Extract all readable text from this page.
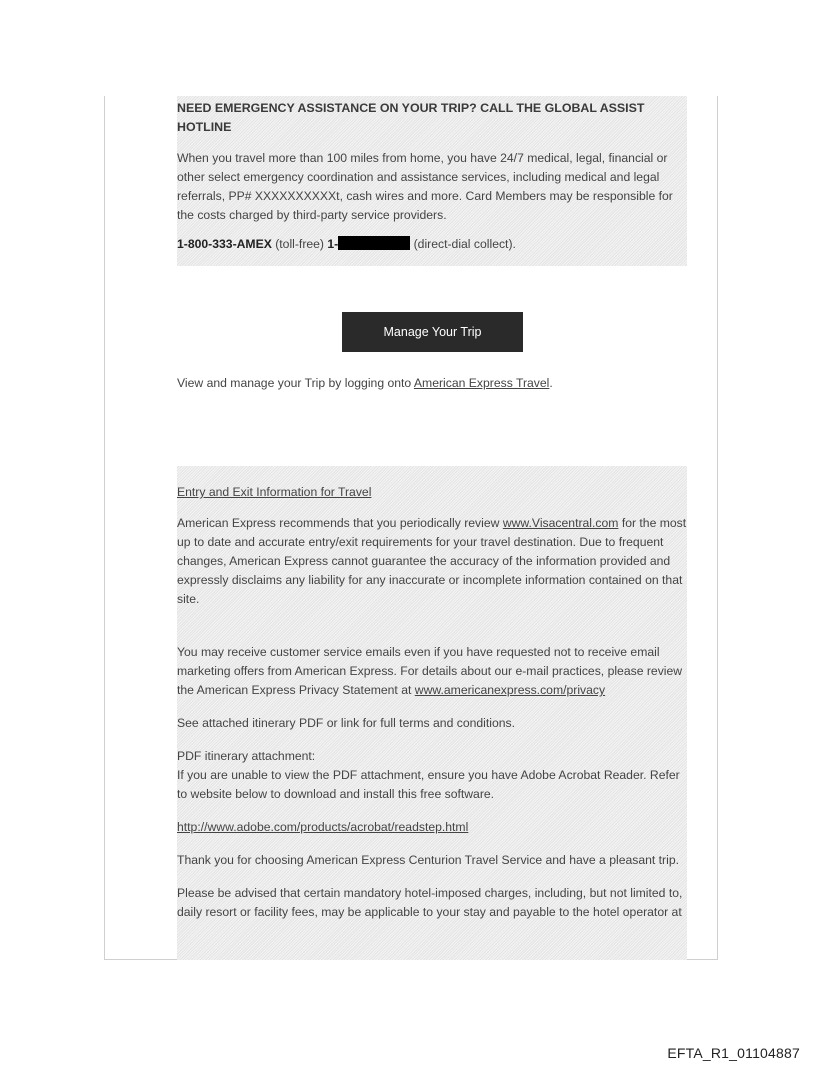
NEED EMERGENCY ASSISTANCE ON YOUR TRIP? CALL THE GLOBAL ASSIST HOTLINE

When you travel more than 100 miles from home, you have 24/7 medical, legal, financial or other select emergency coordination and assistance services, including medical and legal referrals, PP# XXXXXXXXXXt, cash wires and more. Card Members may be responsible for the costs charged by third-party service providers.

1-800-333-AMEX (toll-free) 1-	(direct-dial collect).

Manage Your Trip
View and manage your Trip by logging onto American Express Travel.

Entry and Exit Information for Travel

American Express recommends that you periodically review www.Visacentral.com for the most up to date and accurate entry/exit requirements for your travel destination. Due to frequent changes, American Express cannot guarantee the accuracy of the information provided and expressly disclaims any liability for any inaccurate or incomplete information contained on that site.

You may receive customer service emails even if you have requested not to receive email marketing offers from American Express. For details about our e-mail practices, please review the American Express Privacy Statement at www.americanexpress.com/privacy

See attached itinerary PDF or link for full terms and conditions.

PDF itinerary attachment:

If you are unable to view the PDF attachment, ensure you have Adobe Acrobat Reader. Refer to website below to download and install this free software.

http://www.adobe.com/products/acrobat/readstep.html

Thank you for choosing American Express Centurion Travel Service and have a pleasant trip.

Please be advised that certain mandatory hotel-imposed charges, including, but not limited to, daily resort or facility fees, may be applicable to your stay and payable to the hotel operator at

EFTA_R1_01104887
